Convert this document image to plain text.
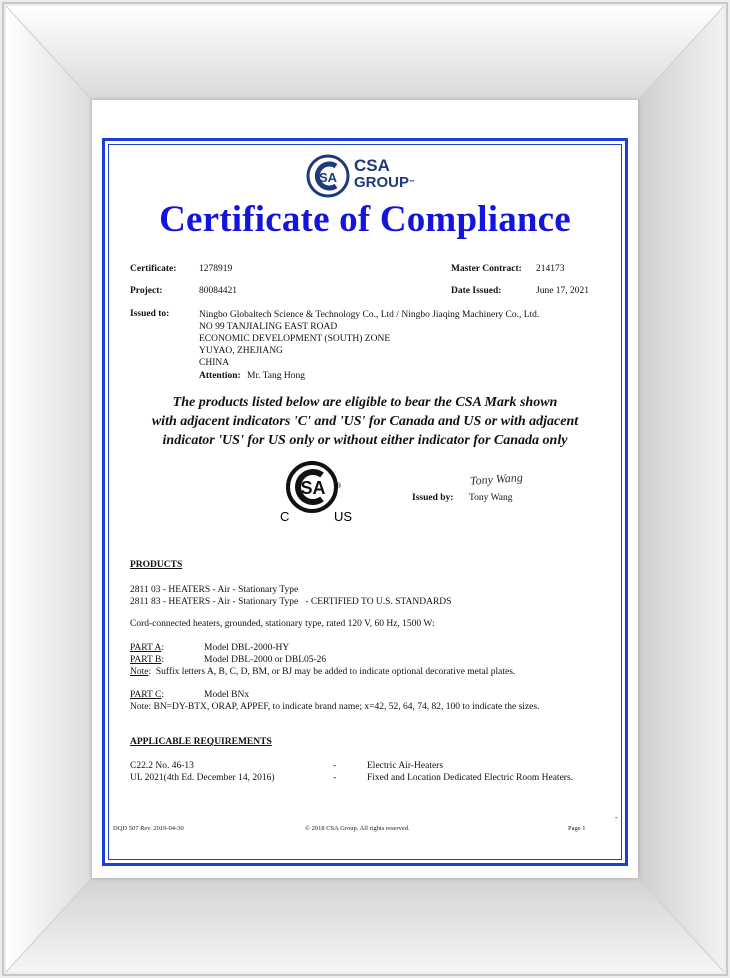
SA
CSA
GROUP™
Certificate of Compliance
Certificate: 1278919	Master Contract: 214173
Project:	80084421	Date Issued:	June 17, 2021
Issued to:	Ningbo Globaltech Science & Technology Co., Ltd / Ningbo Jiaqing Machinery Co., Ltd.
NO 99 TANJIALING EAST ROAD
ECONOMIC DEVELOPMENT (SOUTH) ZONE
YUYAO, ZHEJIANG
CHINA
Attention: Mr. Tang Hong
The products listed below are eligible to bear the CSA Mark shown
with adjacent indicators 'C' and 'US' for Canada and US or with adjacent
indicator 'US' for US only or without either indicator for Canada only
SA ®
C	US
Tony Wang
Issued by: Tony Wang
PRODUCTS
2811 03 - HEATERS - Air - Stationary Type
2811 83 - HEATERS - Air - Stationary Type   - CERTIFIED TO U.S. STANDARDS
Cord-connected heaters, grounded, stationary type, rated 120 V, 60 Hz, 1500 W:
PART A:	Model DBL-2000-HY
PART B:	Model DBL-2000 or DBL05-26
Note:  Suffix letters A, B, C, D, BM, or BJ may be added to indicate optional decorative metal plates.
PART C:	Model BNx
Note: BN=DY-BTX, ORAP, APPEF, to indicate brand name; x=42, 52, 64, 74, 82, 100 to indicate the sizes.
APPLICABLE REQUIREMENTS
C22.2 No. 46-13	-	Electric Air-Heaters
UL 2021(4th Ed. December 14, 2016)	-	Fixed and Location Dedicated Electric Room Heaters.
-
DQD 507 Rev. 2019-04-30	© 2018 CSA Group. All rights reserved.	Page 1
